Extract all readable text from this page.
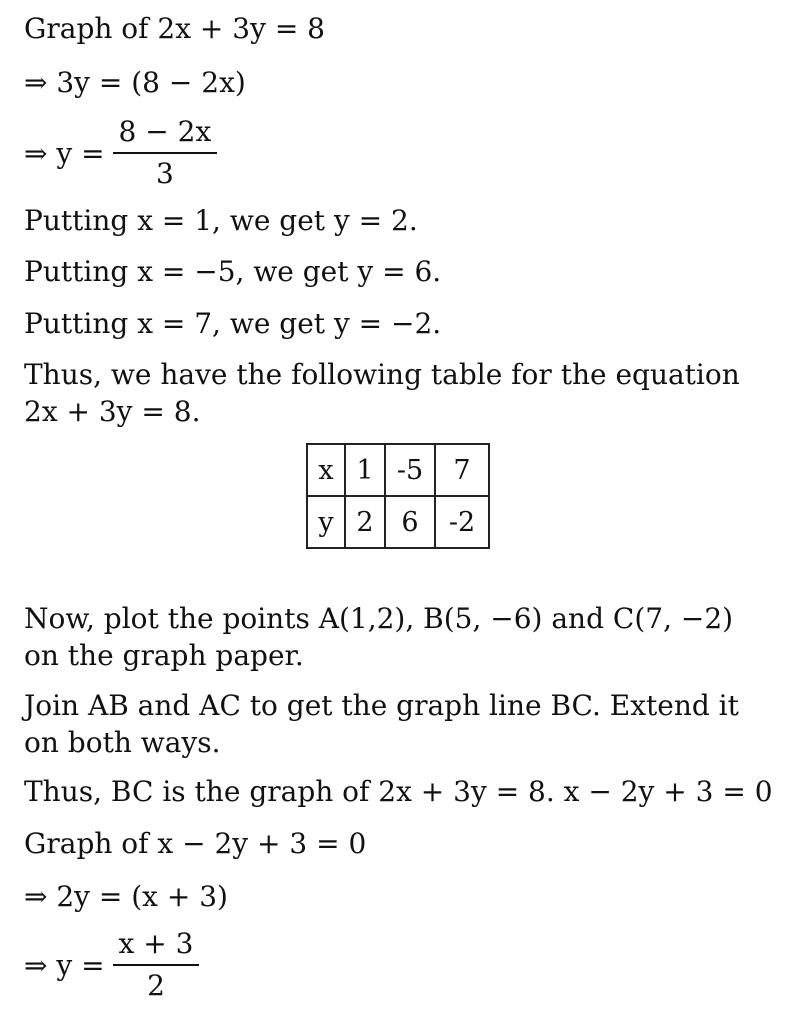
Graph of 2x + 3y = 8
⇒ 3y = (8 − 2x)
⇒ $y = \frac{8 - 2x}{3}$
Putting x = 1, we get y = 2.
Putting x = −5, we get y = 6.
Putting x = 7, we get y = −2.
Thus, we have the following table for the equation 2x + 3y = 8.
x	1	-5	7
y	2	6	-2
Now, plot the points A(1,2), B(5, −6) and C(7, −2) on the graph paper.
Join AB and AC to get the graph line BC. Extend it on both ways.
Thus, BC is the graph of 2x + 3y = 8. x − 2y + 3 = 0
Graph of x − 2y + 3 = 0
⇒ 2y = (x + 3)
⇒ $y = \frac{x + 3}{2}$
